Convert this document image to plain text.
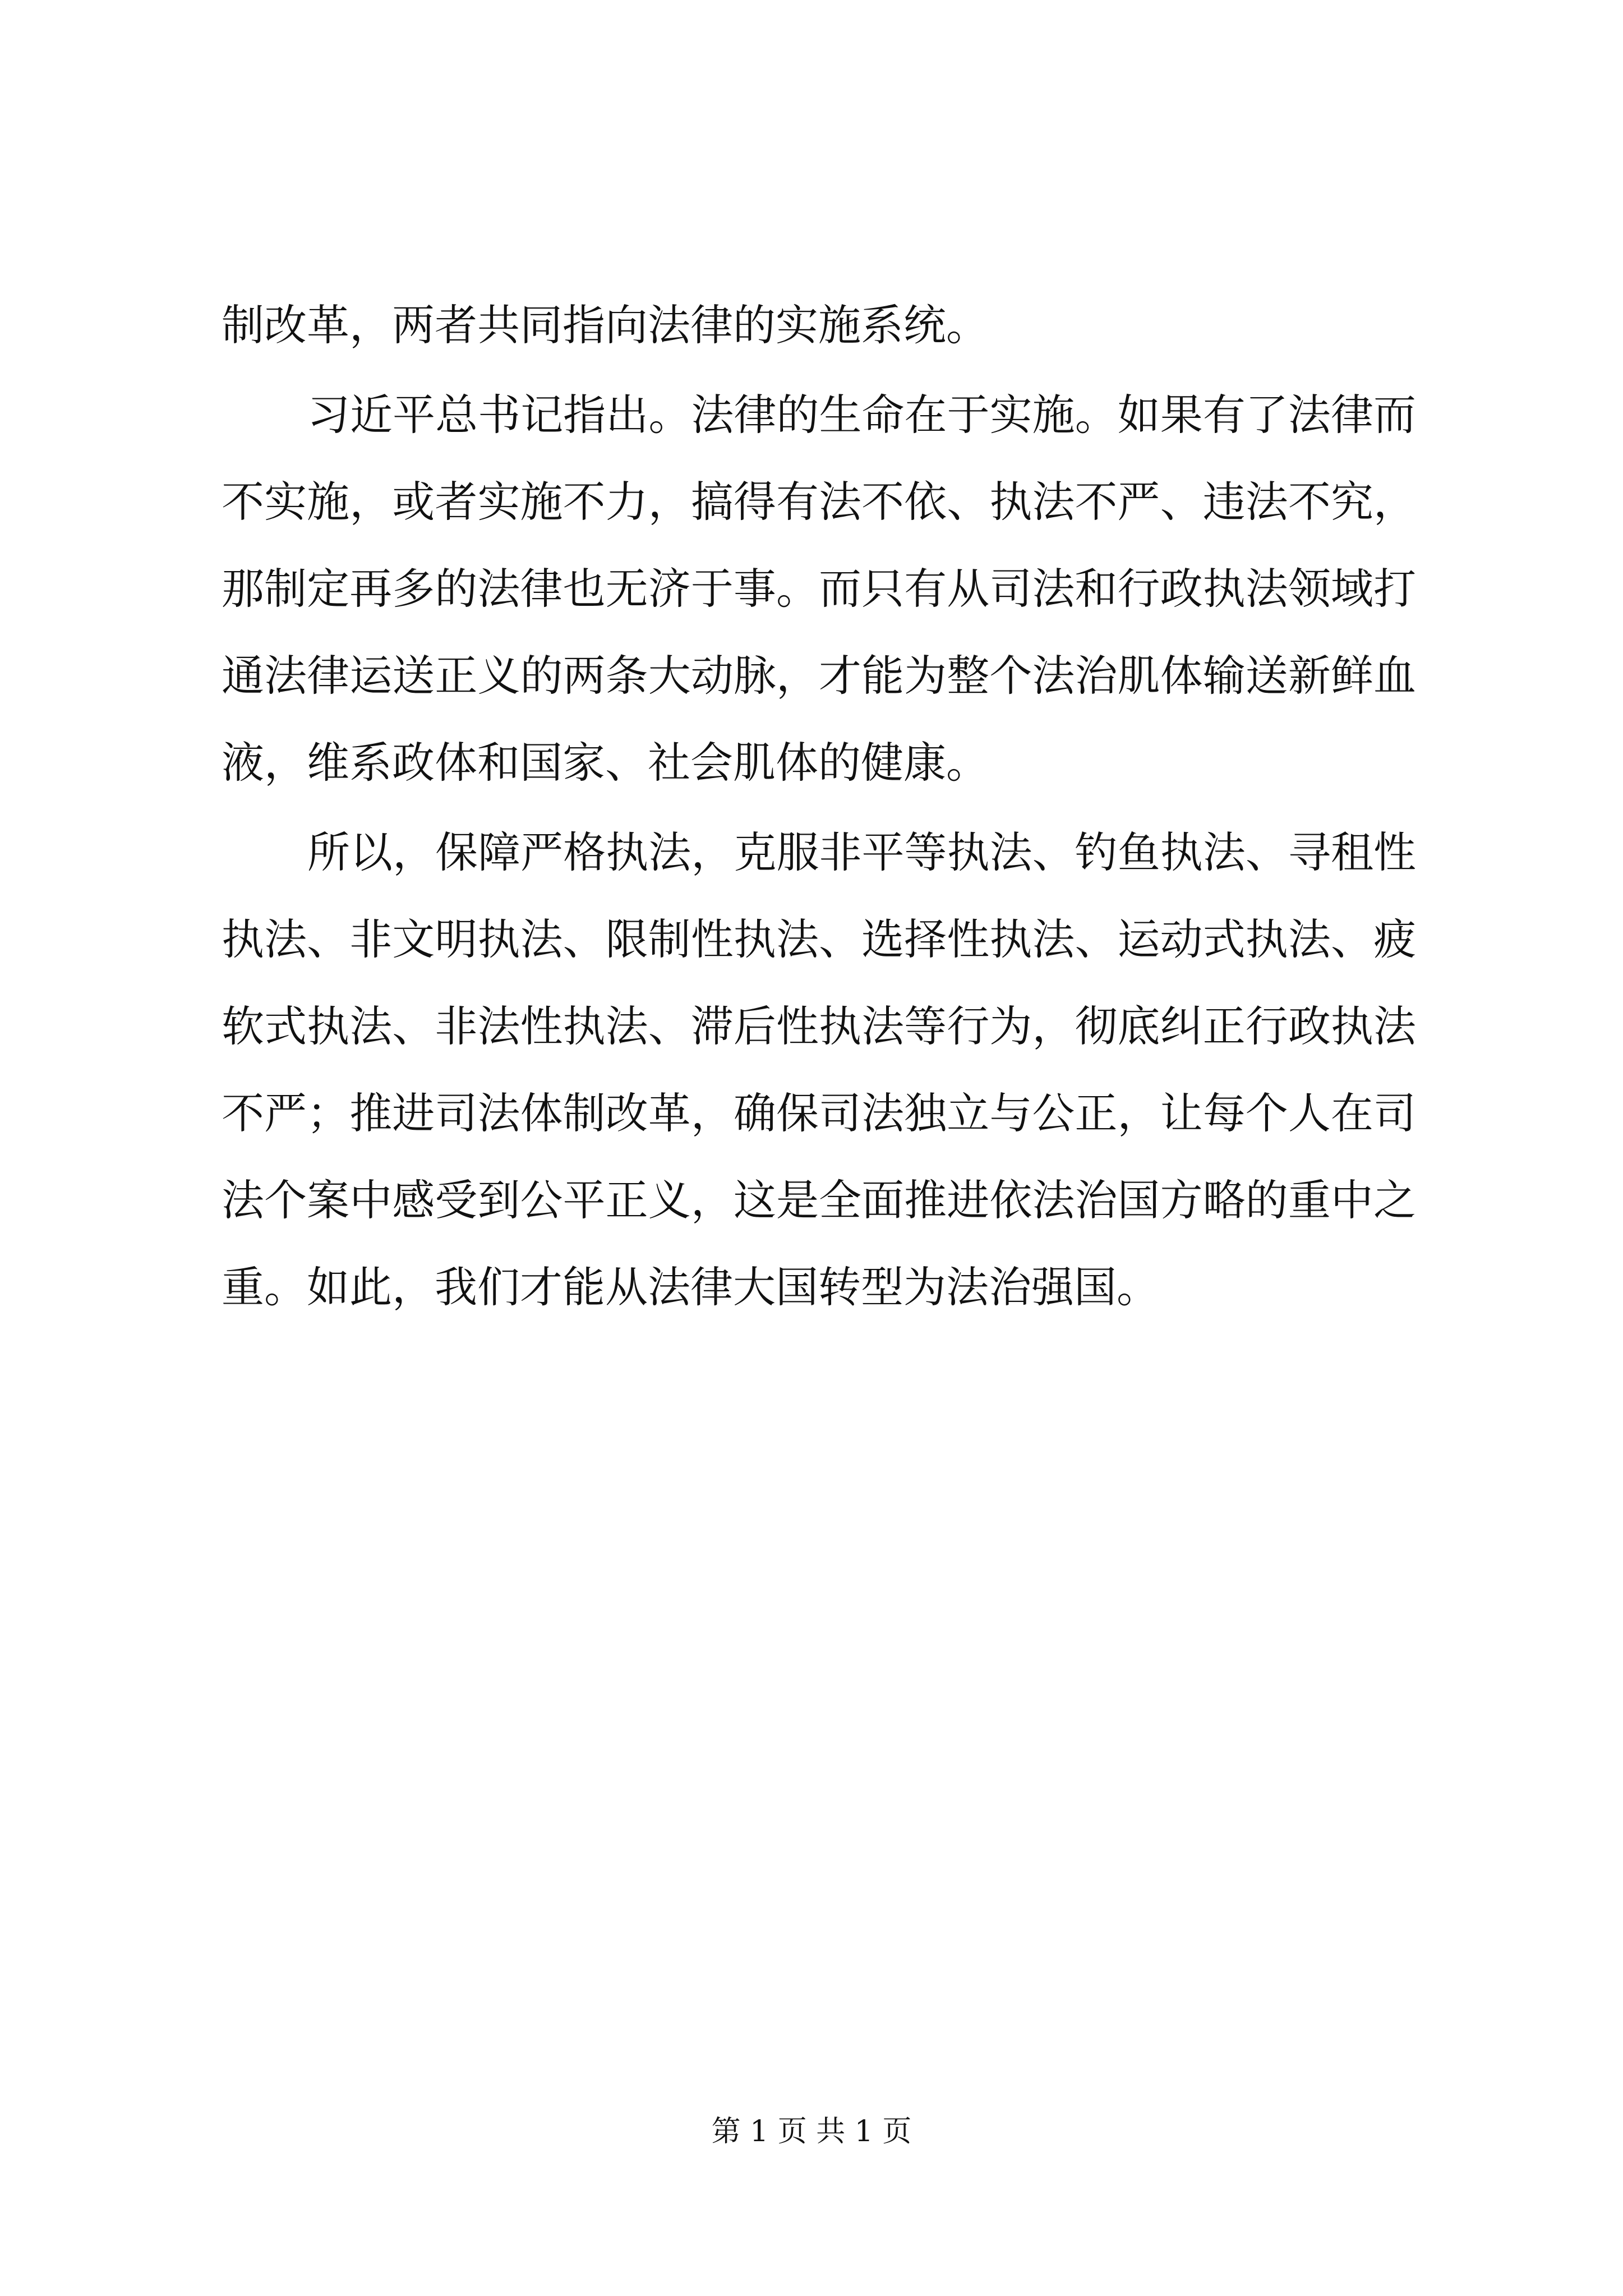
制改革，两者共同指向法律的实施系统。
习近平总书记指出。法律的生命在于实施。如果有了法律而
不实施，或者实施不力，搞得有法不依、执法不严、违法不究，
那制定再多的法律也无济于事。而只有从司法和行政执法领域打
通法律运送正义的两条大动脉，才能为整个法治肌体输送新鲜血
液，维系政体和国家、社会肌体的健康。
所以，保障严格执法，克服非平等执法、钓鱼执法、寻租性
执法、非文明执法、限制性执法、选择性执法、运动式执法、疲
软式执法、非法性执法、滞后性执法等行为，彻底纠正行政执法
不严；推进司法体制改革，确保司法独立与公正，让每个人在司
法个案中感受到公平正义，这是全面推进依法治国方略的重中之
重。如此，我们才能从法律大国转型为法治强国。
第 1 页 共 1 页
